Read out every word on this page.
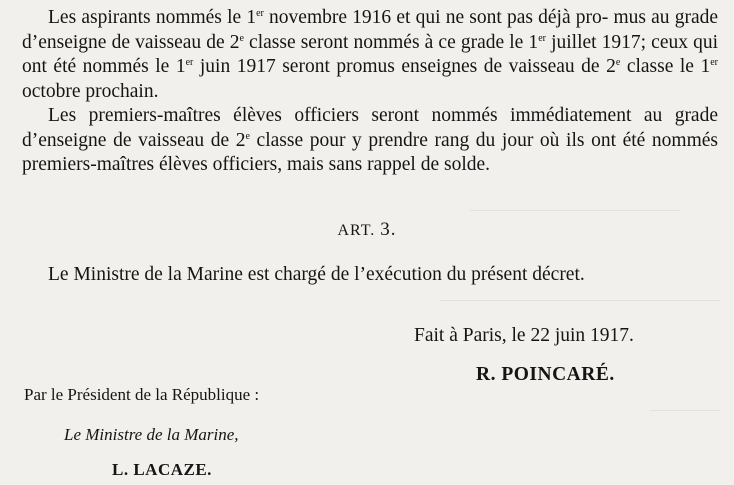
Les aspirants nommés le 1er novembre 1916 et qui ne sont pas déjà pro- mus au grade d’enseigne de vaisseau de 2e classe seront nommés à ce grade le 1er juillet 1917; ceux qui ont été nommés le 1er juin 1917 seront promus enseignes de vaisseau de 2e classe le 1er octobre prochain.

Les premiers-maîtres élèves officiers seront nommés immédiatement au grade d’enseigne de vaisseau de 2e classe pour y prendre rang du jour où ils ont été nommés premiers-maîtres élèves officiers, mais sans rappel de solde.

ART. 3.

Le Ministre de la Marine est chargé de l’exécution du présent décret.

Fait à Paris, le 22 juin 1917.

R. POINCARÉ.

Par le Président de la République :

Le Ministre de la Marine,

L. LACAZE.
